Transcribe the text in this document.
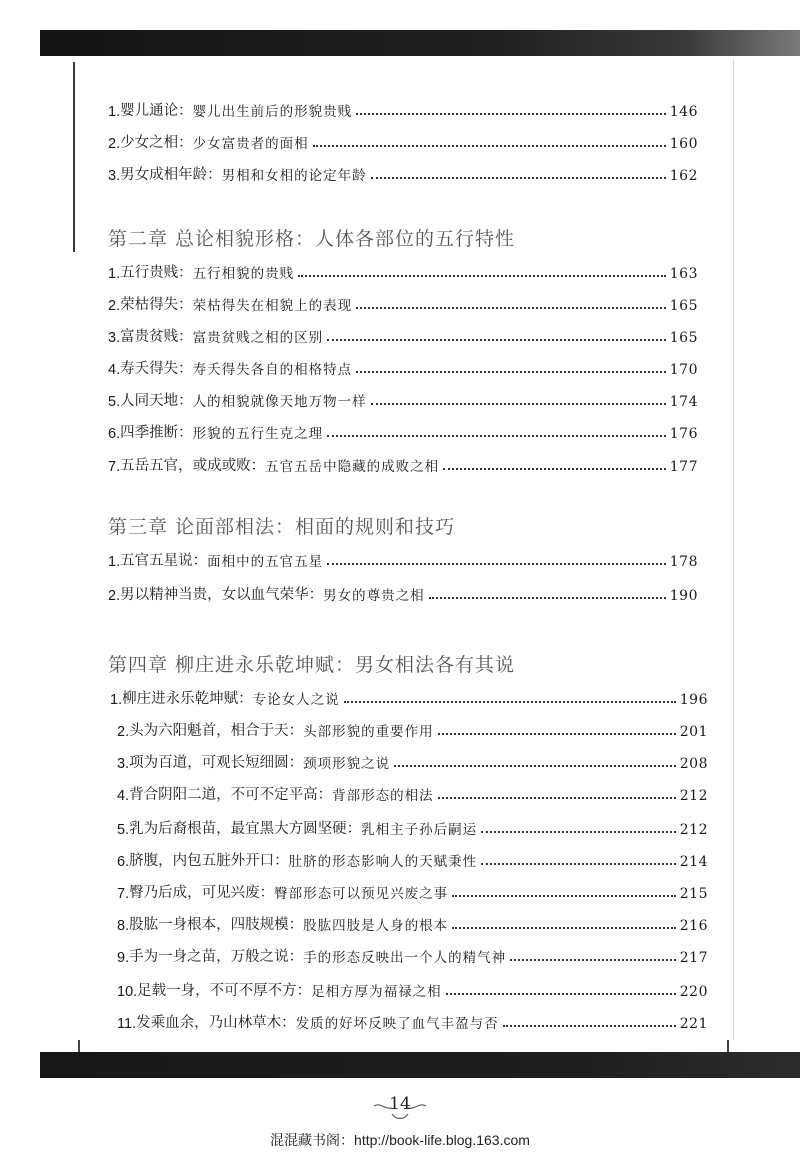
1. 婴儿通论 ： 婴儿出生前后的形貌贵贱	146
2. 少女之相 ： 少女富贵者的面相	160
3. 男女成相年龄 ： 男相和女相的论定年龄	162
第二章 总论相貌形格：人体各部位的五行特性
1. 五行贵贱 ： 五行相貌的贵贱	163
2. 荣枯得失 ： 荣枯得失在相貌上的表现	165
3. 富贵贫贱 ： 富贵贫贱之相的区别	165
4. 寿夭得失 ： 寿夭得失各自的相格特点	170
5. 人同天地 ： 人的相貌就像天地万物一样	174
6. 四季推断 ： 形貌的五行生克之理	176
7. 五岳五官，或成或败 ： 五官五岳中隐藏的成败之相	177
第三章 论面部相法：相面的规则和技巧
1. 五官五星说 ： 面相中的五官五星	178
2. 男以精神当贵，女以血气荣华 ： 男女的尊贵之相	190
第四章 柳庄进永乐乾坤赋：男女相法各有其说
1. 柳庄进永乐乾坤赋 ： 专论女人之说	196
2. 头为六阳魁首，相合于天 ： 头部形貌的重要作用	201
3. 项为百道，可观长短细圆 ： 颈项形貌之说	208
4. 背合阴阳二道，不可不定平高 ： 背部形态的相法	212
5. 乳为后裔根苗，最宜黑大方圆坚硬 ： 乳相主子孙后嗣运	212
6. 脐腹，内包五脏外开口 ： 肚脐的形态影响人的天赋秉性	214
7. 臀乃后成，可见兴废 ： 臀部形态可以预见兴废之事	215
8. 股肱一身根本，四肢规模 ： 股肱四肢是人身的根本	216
9. 手为一身之苗，万般之说 ： 手的形态反映出一个人的精气神	217
10. 足载一身，不可不厚不方 ： 足相方厚为福禄之相	220
11. 发乘血余，乃山林草木 ： 发质的好坏反映了血气丰盈与否	221
14
混混藏书阁：http://book-life.blog.163.com
